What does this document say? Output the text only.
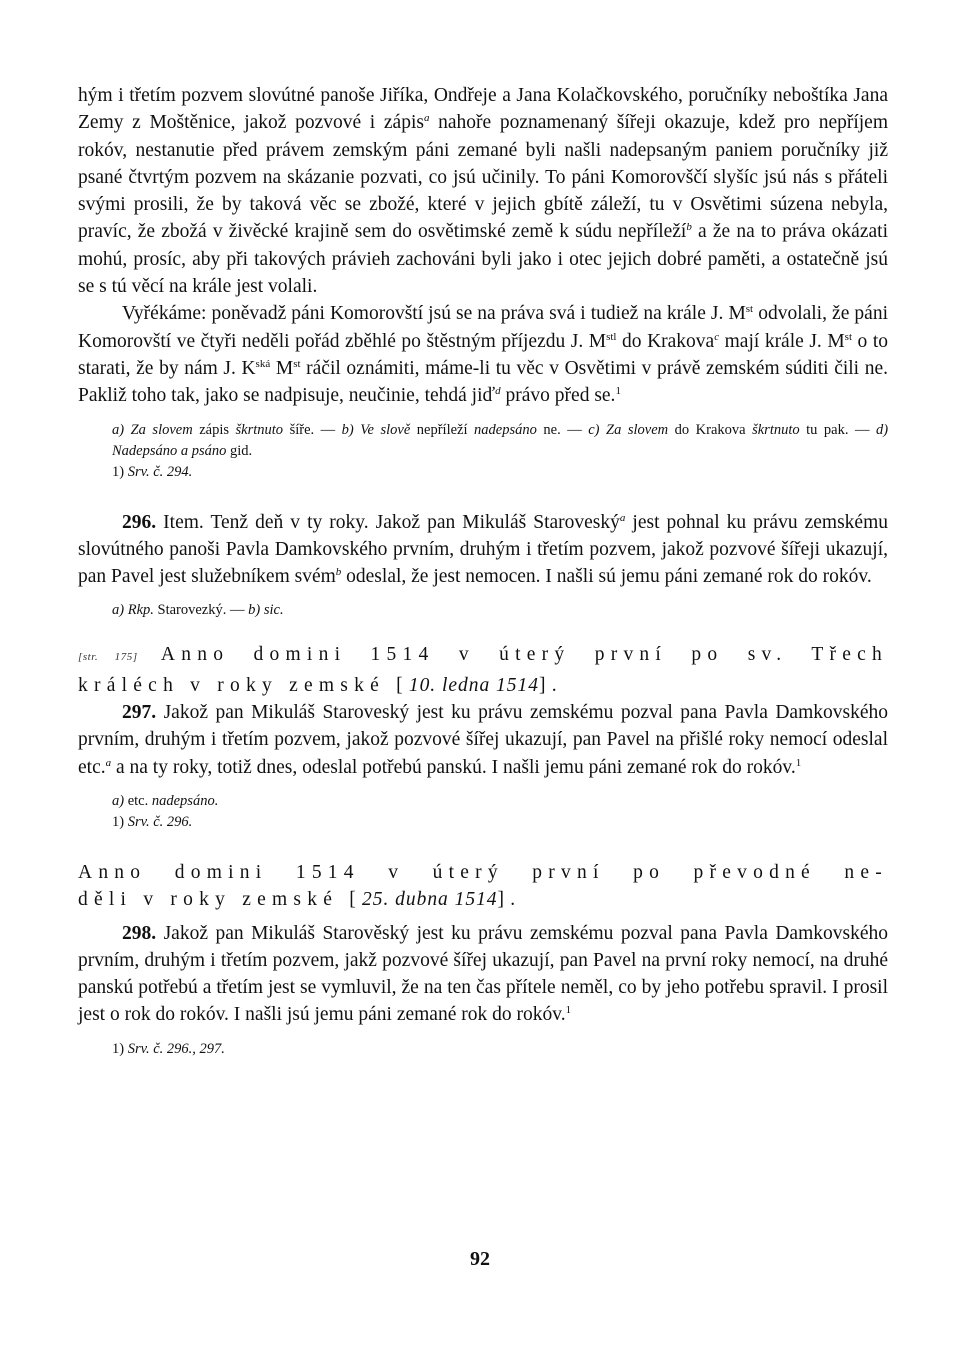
hým i třetím pozvem slovútné panoše Jiříka, Ondřeje a Jana Kolačkovského, poručníky neboštíka Jana Zemy z Moštěnice, jakož pozvové i zápis$^a$ nahoře poznamenaný šířeji okazuje, kdež pro nepříjem rokóv, nestanutie před právem zemským páni zemané byli našli nadepsaným paniem poručníky již psané čtvrtým pozvem na skázanie pozvati, co jsú učinily. To páni Komorovščí slyšíc jsú nás s přáteli svými prosili, že by taková věc se zbožé, které v jejich gbítě záleží, tu v Osvětimi súzena nebyla, pravíc, že zbožá v živěcké krajině sem do osvětimské země k súdu nepříleží$^b$ a že na to práva okázati mohú, prosíc, aby při takových právieh zachováni byli jako i otec jejich dobré paměti, a ostatečně jsú se s tú věcí na krále jest volali.

Vyřékáme: poněvadž páni Komorovští jsú se na práva svá i tudiež na krále J. Mst odvolali, že páni Komorovští ve čtyři neděli pořád zběhlé po štěstným příjezdu J. $M^{stl}$ do Krakova$^c$ mají krále J. Mst o to starati, že by nám J. $K^{ská}$ Mst ráčil oznámiti, máme-li tu věc v Osvětimi v právě zemském súditi čili ne. Pakliž toho tak, jako se nadpisuje, neučinie, tehdá jiď$^d$ právo před se.$^1$

a) Za slovem zápis škrtnuto šíře. — b) Ve slově nepříleží nadepsáno ne. — c) Za slovem do Krakova škrtnuto tu pak. — d) Nadepsáno a psáno gid.

1) Srv. č. 294.

296. Item. Tenž deň v ty roky. Jakož pan Mikuláš Staroveský$^a$ jest pohnal ku právu zemskému slovútného panoši Pavla Damkovského prvním, druhým i třetím pozvem, jakož pozvové šířeji ukazují, pan Pavel jest služebníkem svém$^b$ odeslal, že jest nemocen. I našli sú jemu páni zemané rok do rokóv.

a) Rkp. Starovezký. — b) sic.

[str. 175] Anno domini 1514 v úterý první po sv. Třech

králéch v roky zemské [10. ledna 1514].

297. Jakož pan Mikuláš Staroveský jest ku právu zemskému pozval pana Pavla Damkovského prvním, druhým i třetím pozvem, jakož pozvové šířej ukazují, pan Pavel na přišlé roky nemocí odeslal etc.$^a$ a na ty roky, totiž dnes, odeslal potřebú panskú. I našli jemu páni zemané rok do rokóv.$^1$

a) etc. nadepsáno.

1) Srv. č. 296.

Anno domini 1514 v úterý první po převodné ne-

děli v roky zemské [25. dubna 1514].

298. Jakož pan Mikuláš Starověský jest ku právu zemskému pozval pana Pavla Damkovského prvním, druhým i třetím pozvem, jakž pozvové šířej ukazují, pan Pavel na první roky nemocí, na druhé panskú potřebú a třetím jest se vymluvil, že na ten čas přítele neměl, co by jeho potřebu spravil. I prosil jest o rok do rokóv. I našli jsú jemu páni zemané rok do rokóv.$^1$

1) Srv. č. 296., 297.

92
